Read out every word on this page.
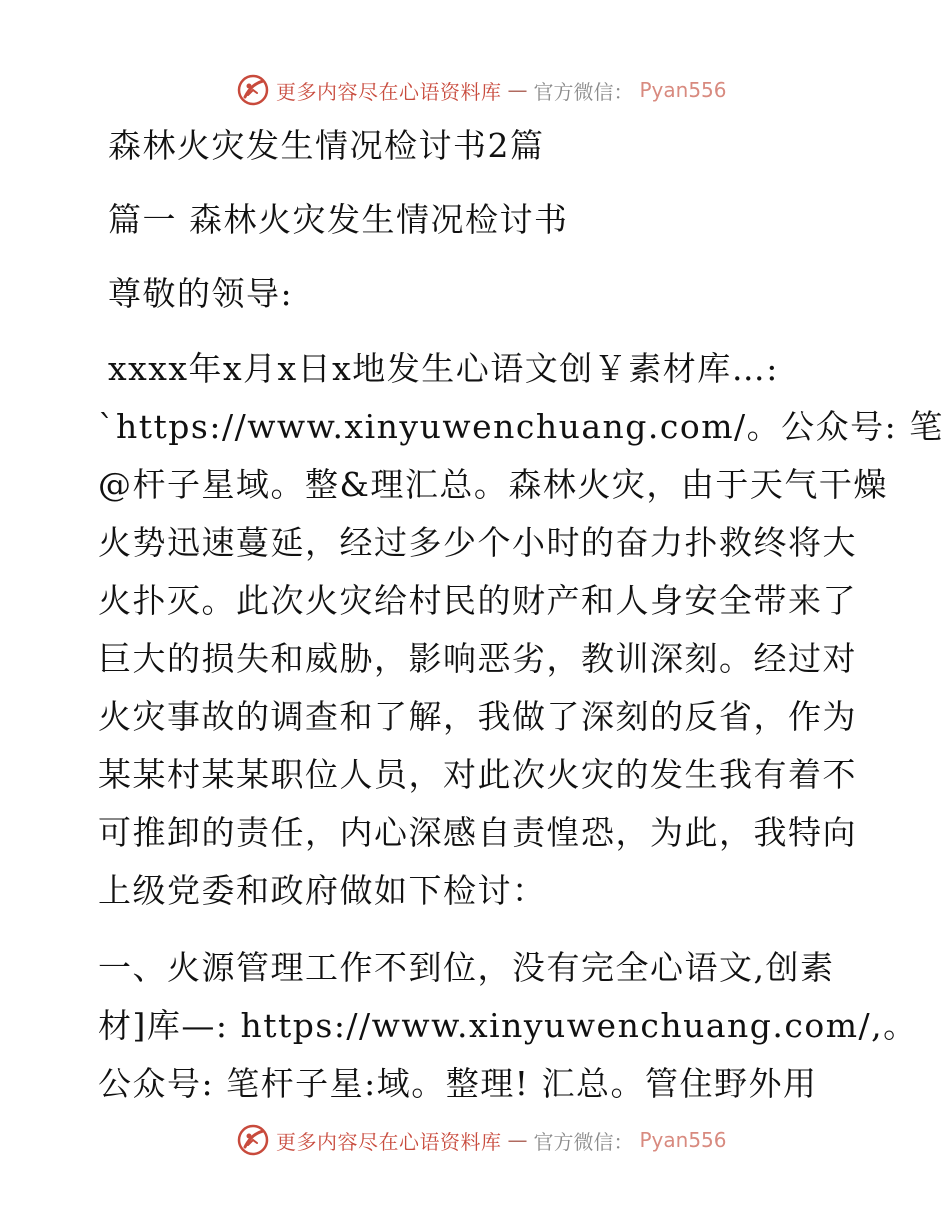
更多内容尽在心语资料库 — 官方微信： Pyan556
森林火灾发生情况检讨书2篇
篇一 森林火灾发生情况检讨书
尊敬的领导:
xxxx年x月x日x地发生心语文创￥素材库…:
`https://www.xinyuwenchuang.com/。公众号: 笔
@杆子星域。整&理汇总。森林火灾，由于天气干燥
火势迅速蔓延，经过多少个小时的奋力扑救终将大
火扑灭。此次火灾给村民的财产和人身安全带来了
巨大的损失和威胁，影响恶劣，教训深刻。经过对
火灾事故的调查和了解，我做了深刻的反省，作为
某某村某某职位人员，对此次火灾的发生我有着不
可推卸的责任，内心深感自责惶恐，为此，我特向
上级党委和政府做如下检讨：
一、火源管理工作不到位，没有完全心语文,创素
材]库—: https://www.xinyuwenchuang.com/,。
公众号: 笔杆子星:域。整理! 汇总。管住野外用
更多内容尽在心语资料库 — 官方微信： Pyan556
